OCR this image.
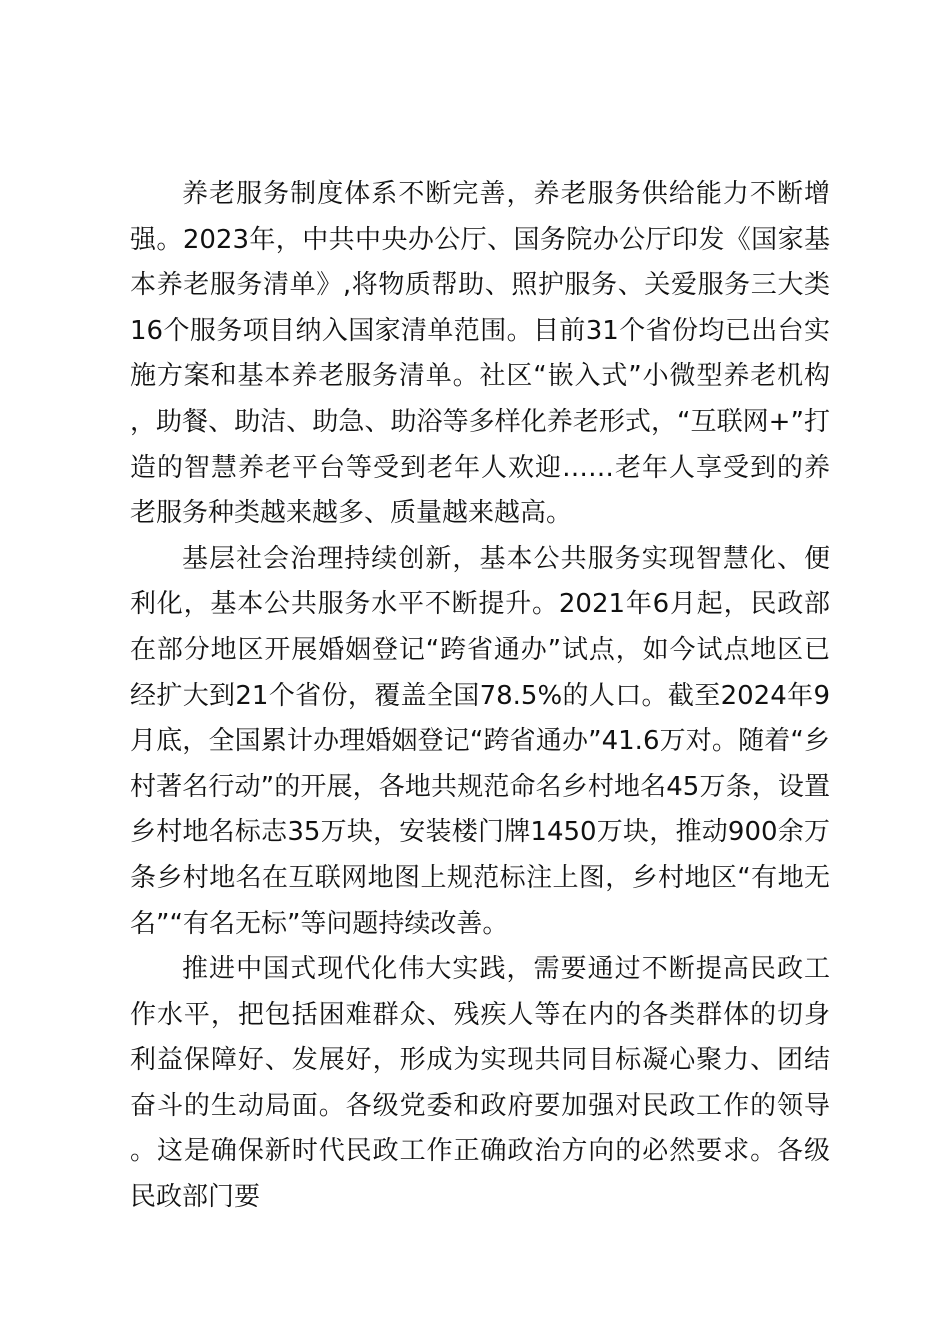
养老服务制度体系不断完善，养老服务供给能力不断增强。2023年，中共中央办公厅、国务院办公厅印发《国家基本养老服务清单》,将物质帮助、照护服务、关爱服务三大类16个服务项目纳入国家清单范围。目前31个省份均已出台实施方案和基本养老服务清单。社区“嵌入式”小微型养老机构，助餐、助洁、助急、助浴等多样化养老形式，“互联网+”打造的智慧养老平台等受到老年人欢迎……老年人享受到的养老服务种类越来越多、质量越来越高。

基层社会治理持续创新，基本公共服务实现智慧化、便利化，基本公共服务水平不断提升。2021年6月起，民政部在部分地区开展婚姻登记“跨省通办”试点，如今试点地区已经扩大到21个省份，覆盖全国78.5%的人口。截至2024年9月底，全国累计办理婚姻登记“跨省通办”41.6万对。随着“乡村著名行动”的开展，各地共规范命名乡村地名45万条，设置乡村地名标志35万块，安装楼门牌1450万块，推动900余万条乡村地名在互联网地图上规范标注上图，乡村地区“有地无名”“有名无标”等问题持续改善。

推进中国式现代化伟大实践，需要通过不断提高民政工作水平，把包括困难群众、残疾人等在内的各类群体的切身利益保障好、发展好，形成为实现共同目标凝心聚力、团结奋斗的生动局面。各级党委和政府要加强对民政工作的领导。这是确保新时代民政工作正确政治方向的必然要求。各级民政部门要
